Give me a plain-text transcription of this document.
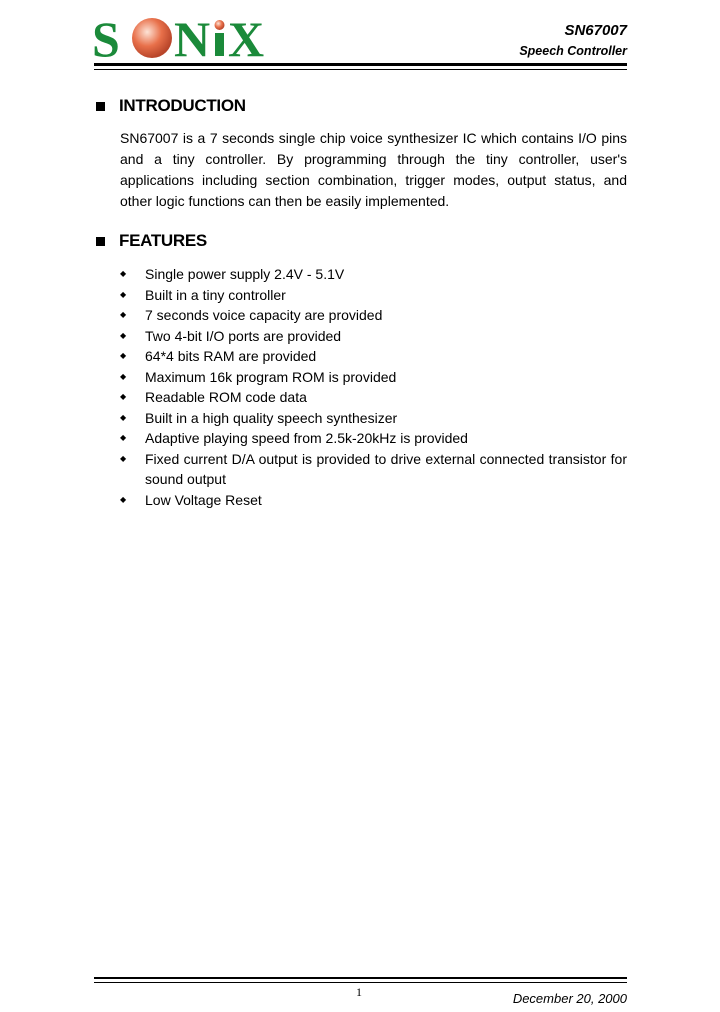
S N X	SN67007
Speech Controller
INTRODUCTION

SN67007 is a 7 seconds single chip voice synthesizer IC which contains I/O pins and a tiny controller. By programming through the tiny controller, user's applications including section combination, trigger modes, output status, and other logic functions can then be easily implemented.

FEATURES
◆	Single power supply 2.4V - 5.1V
◆	Built in a tiny controller
◆	7 seconds voice capacity are provided
◆	Two 4-bit I/O ports are provided
◆	64*4 bits RAM are provided
◆	Maximum 16k program ROM is provided
◆	Readable ROM code data
◆	Built in a high quality speech synthesizer
◆	Adaptive playing speed from 2.5k-20kHz is provided
◆	Fixed current D/A output is provided to drive external connected transistor for sound output
◆	Low Voltage Reset
1	December 20, 2000
